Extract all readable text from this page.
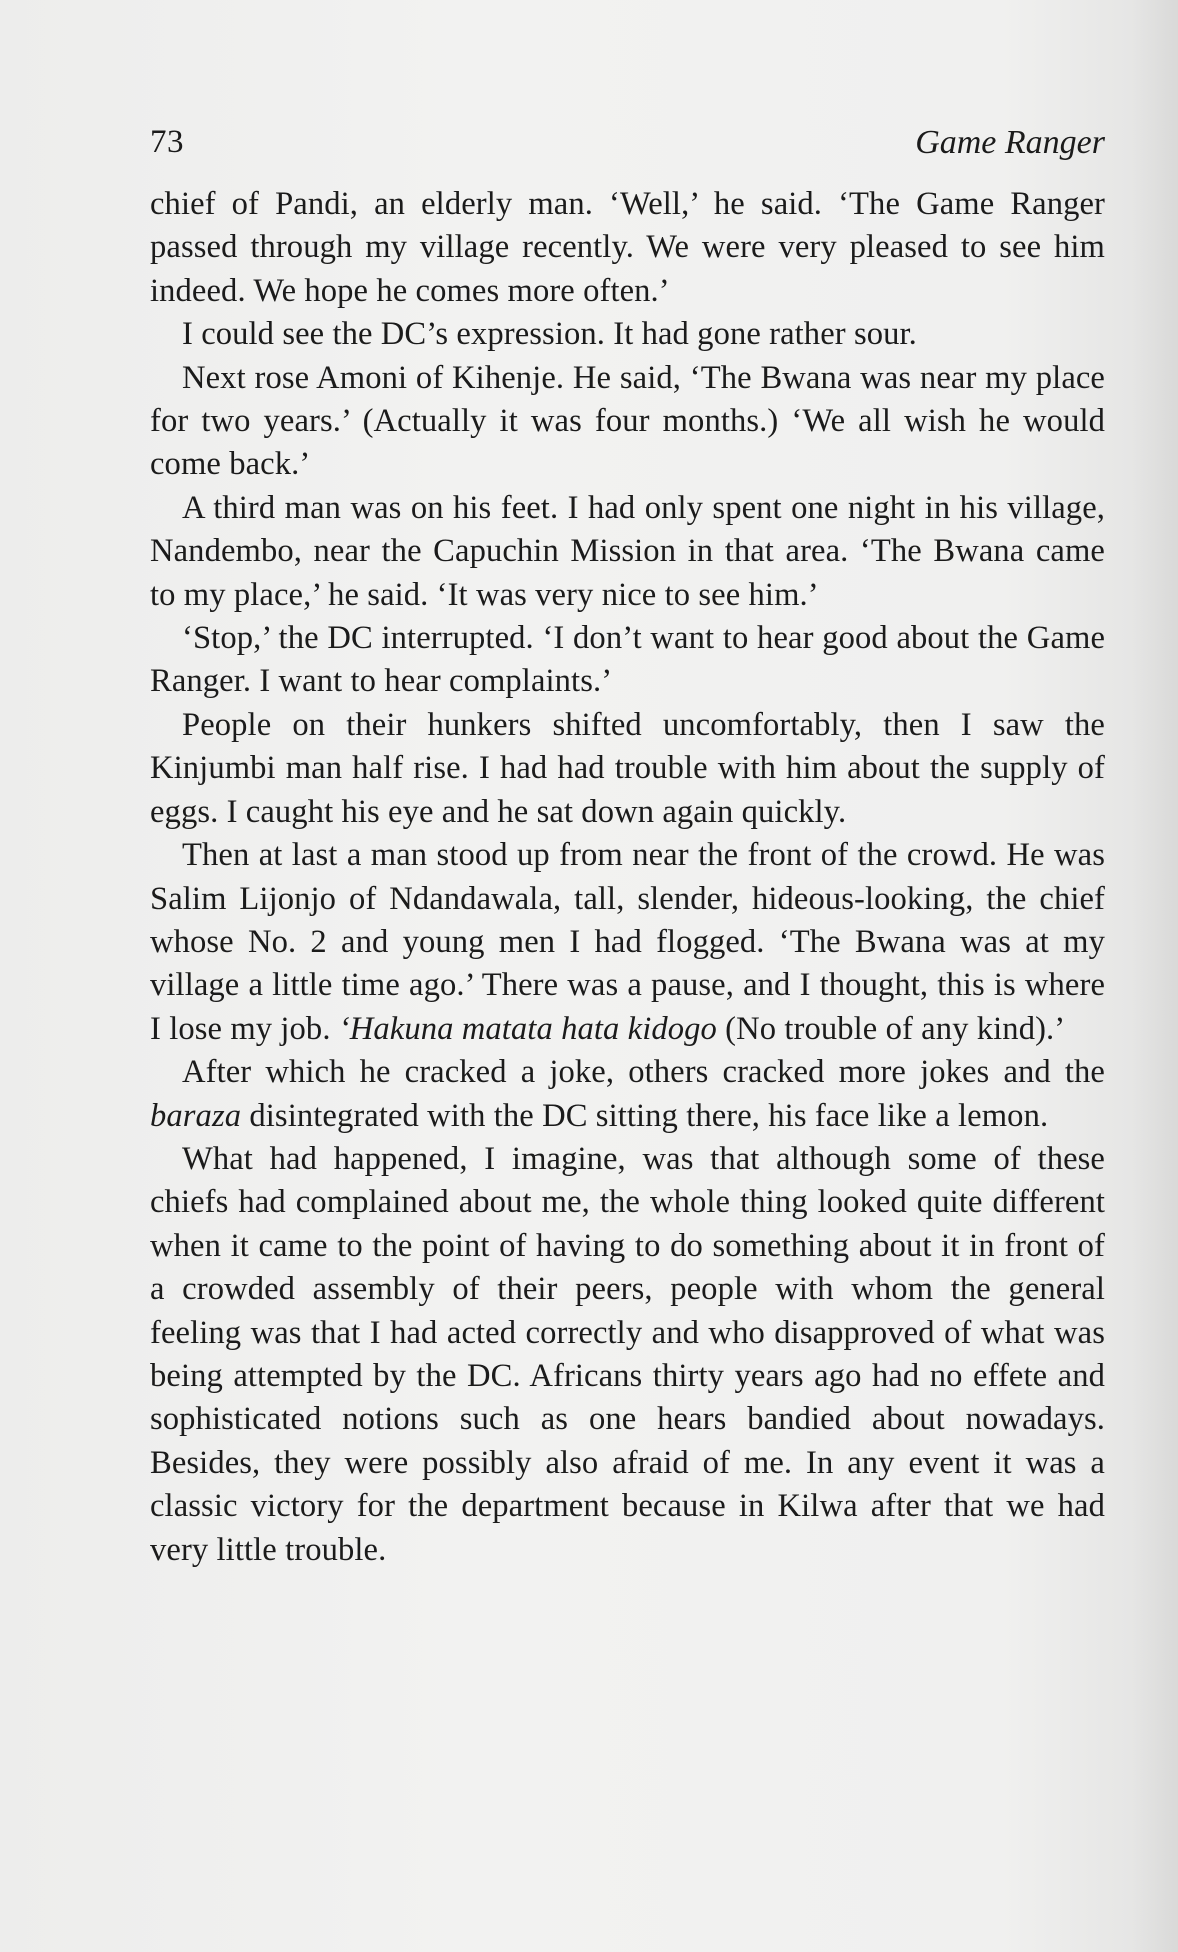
73	Game Ranger

chief of Pandi, an elderly man. ‘Well,’ he said. ‘The Game Ranger passed through my village recently. We were very pleased to see him indeed. We hope he comes more often.’

I could see the DC’s expression. It had gone rather sour.

Next rose Amoni of Kihenje. He said, ‘The Bwana was near my place for two years.’ (Actually it was four months.) ‘We all wish he would come back.’

A third man was on his feet. I had only spent one night in his village, Nandembo, near the Capuchin Mission in that area. ‘The Bwana came to my place,’ he said. ‘It was very nice to see him.’

‘Stop,’ the DC interrupted. ‘I don’t want to hear good about the Game Ranger. I want to hear complaints.’

People on their hunkers shifted uncomfortably, then I saw the Kinjumbi man half rise. I had had trouble with him about the supply of eggs. I caught his eye and he sat down again quickly.

Then at last a man stood up from near the front of the crowd. He was Salim Lijonjo of Ndandawala, tall, slender, hideous-looking, the chief whose No. 2 and young men I had flogged. ‘The Bwana was at my village a little time ago.’ There was a pause, and I thought, this is where I lose my job. ‘Hakuna matata hata kidogo (No trouble of any kind).’

After which he cracked a joke, others cracked more jokes and the baraza disintegrated with the DC sitting there, his face like a lemon.

What had happened, I imagine, was that although some of these chiefs had complained about me, the whole thing looked quite different when it came to the point of having to do something about it in front of a crowded assembly of their peers, people with whom the general feeling was that I had acted correctly and who disapproved of what was being attempted by the DC. Africans thirty years ago had no effete and sophisticated notions such as one hears bandied about nowadays. Besides, they were possibly also afraid of me. In any event it was a classic victory for the department because in Kilwa after that we had very little trouble.
